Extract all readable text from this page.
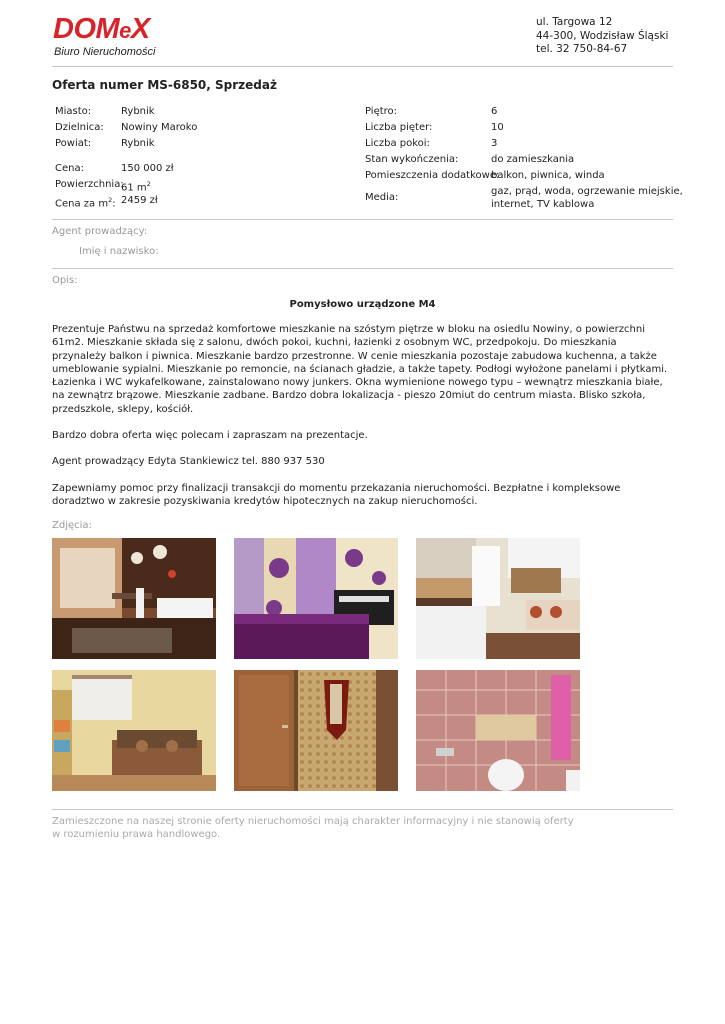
DOMeX
Biuro Nieruchomości
ul. Targowa 12
44-300, Wodzisław Śląski
tel. 32 750-84-67
Oferta numer MS-6850, Sprzedaż
Miasto:	Rybnik
Dzielnica: Nowiny Maroko
Powiat:	Rybnik
Cena:	150 000 zł
Powierzchnia:
61 $m^2$
Cena za $m^2$: 2459 zł
Piętro:	6
Liczba pięter:	10
Liczba pokoi:	3
Stan wykończenia:	do zamieszkania
Pomieszczenia dodatkowe:
balkon, piwnica, winda
Media:
gaz, prąd, woda, ogrzewanie miejskie,
internet, TV kablowa
Agent prowadzący:
Imię i nazwisko:
Opis:
Pomysłowo urządzone M4

Prezentuje Państwu na sprzedaż komfortowe mieszkanie na szóstym piętrze w bloku na osiedlu Nowiny, o powierzchni 61m2. Mieszkanie składa się z salonu, dwóch pokoi, kuchni, łazienki z osobnym WC, przedpokoju. Do mieszkania przynależy balkon i piwnica. Mieszkanie bardzo przestronne. W cenie mieszkania pozostaje zabudowa kuchenna, a także umeblowanie sypialni. Mieszkanie po remoncie, na ścianach gładzie, a także tapety. Podłogi wyłożone panelami i płytkami. Łazienka i WC wykafelkowane, zainstalowano nowy junkers. Okna wymienione nowego typu – wewnątrz mieszkania białe, na zewnątrz brązowe. Mieszkanie zadbane. Bardzo dobra lokalizacja - pieszo 20miut do centrum miasta. Blisko szkoła, przedszkole, sklepy, kościół.

Bardzo dobra oferta więc polecam i zapraszam na prezentacje.

Agent prowadzący Edyta Stankiewicz tel. 880 937 530

Zapewniamy pomoc przy finalizacji transakcji do momentu przekazania nieruchomości. Bezpłatne i kompleksowe doradztwo w zakresie pozyskiwania kredytów hipotecznych na zakup nieruchomości.

Zdjęcia:
Zamieszczone na naszej stronie oferty nieruchomości mają charakter informacyjny i nie stanowią oferty
w rozumieniu prawa handlowego.
